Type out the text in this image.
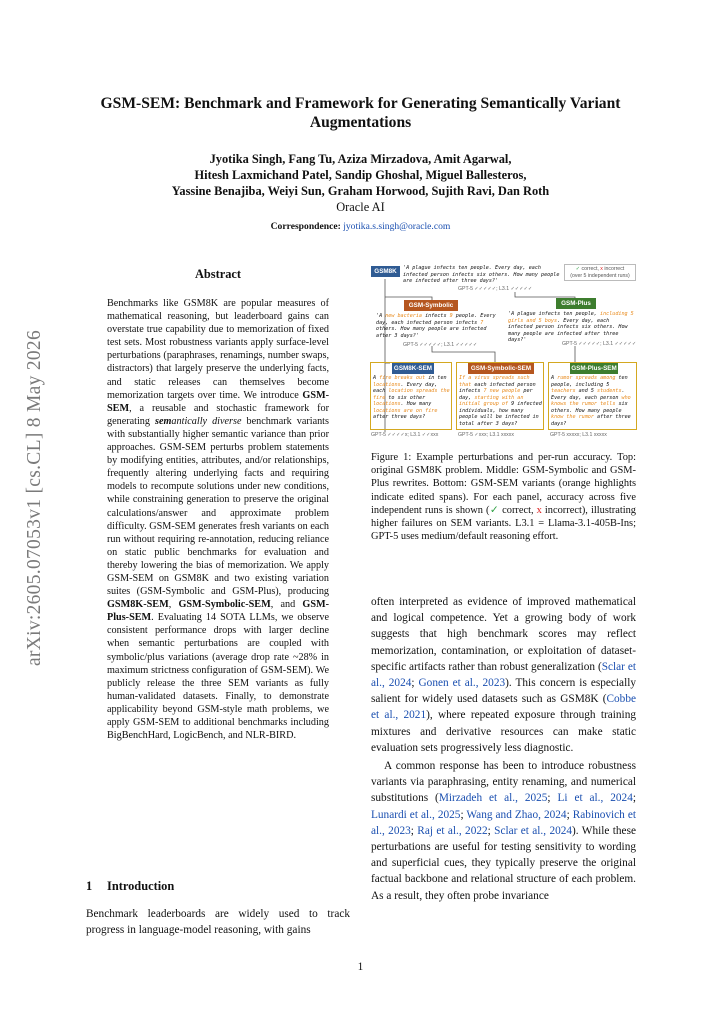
arXiv:2605.07053v1 [cs.CL] 8 May 2026
GSM-SEM: Benchmark and Framework for Generating Semantically Variant Augmentations
Jyotika Singh, Fang Tu, Aziza Mirzadova, Amit Agarwal,
Hitesh Laxmichand Patel, Sandip Ghoshal, Miguel Ballesteros,
Yassine Benajiba, Weiyi Sun, Graham Horwood, Sujith Ravi, Dan Roth
Oracle AI
Correspondence: jyotika.s.singh@oracle.com
Abstract
Benchmarks like GSM8K are popular measures of mathematical reasoning, but leaderboard gains can overstate true capability due to memorization of fixed test sets. Most robustness variants apply surface-level perturbations (paraphrases, renamings, number swaps, distractors) that largely preserve the underlying facts, and static releases can themselves become memorization targets over time. We introduce GSM-SEM, a reusable and stochastic framework for generating semantically diverse benchmark variants with substantially higher semantic variance than prior approaches. GSM-SEM perturbs problem statements by modifying entities, attributes, and/or relationships, frequently altering underlying facts and requiring models to recompute solutions under new conditions, while constraining generation to preserve the original calculations/answer and approximate problem difficulty. GSM-SEM generates fresh variants on each run without requiring re-annotation, reducing reliance on static public benchmarks for evaluation and thereby lowering the bias of memorization. We apply GSM-SEM on GSM8K and two existing variation suites (GSM-Symbolic and GSM-Plus), producing GSM8K-SEM, GSM-Symbolic-SEM, and GSM-Plus-SEM. Evaluating 14 SOTA LLMs, we observe consistent performance drops with larger decline when semantic perturbations are coupled with symbolic/plus variations (average drop rate ~28% in maximum strictness configuration of GSM-SEM). We publicly release the three SEM variants as fully human-validated datasets. Finally, to demonstrate applicability beyond GSM-style math problems, we apply GSM-SEM to additional benchmarks including BigBenchHard, LogicBench, and NLR-BIRD.
1 Introduction
Benchmark leaderboards are widely used to track progress in language-model reasoning, with gains
GSM8K	'A plague infects ten people. Every day, each infected person infects six others. How many people are infected after three days?'
GPT-5 ✓✓✓✓✓; L3.1 ✓✓✓✓✓
✓ correct, x incorrect
(over 5 independent runs)
GSM-Symbolic
'A new bacteria infects 9 people. Every day, each infected person infects 7 others. How many people are infected after 3 days?'
GPT-5 ✓✓✓✓✓; L3.1 ✓✓✓✓✓
GSM-Plus
'A plague infects ten people, including 5 girls and 5 boys. Every day, each infected person infects six others. How many people are infected after three days?'
GPT-5 ✓✓✓✓✓; L3.1 ✓✓✓✓✓
GSM8K-SEM
A fire breaks out in ten locations. Every day, each location spreads the fire to six other locations. How many locations are on fire after three days?
GPT-5 ✓✓✓✓x; L3.1 ✓✓xxx
GSM-Symbolic-SEM
If a virus spreads such that each infected person infects 7 new people per day, starting with an initial group of 9 infected individuals, how many people will be infected in total after 3 days?
GPT-5 ✓xxx; L3.1 xxxxx
GSM-Plus-SEM
A rumor spreads among ten people, including 5 teachers and 5 students. Every day, each person who knows the rumor tells six others. How many people know the rumor after three days?
GPT-5 xxxxx; L3.1 xxxxx
Figure 1: Example perturbations and per-run accuracy. Top: original GSM8K problem. Middle: GSM-Symbolic and GSM-Plus rewrites. Bottom: GSM-SEM variants (orange highlights indicate edited spans). For each panel, accuracy across five independent runs is shown (✓ correct, x incorrect), illustrating higher failures on SEM variants. L3.1 = Llama-3.1-405B-Ins; GPT-5 uses medium/default reasoning effort.

often interpreted as evidence of improved mathematical and logical competence. Yet a growing body of work suggests that high benchmark scores may reflect memorization, contamination, or exploitation of dataset-specific artifacts rather than robust generalization (Sclar et al., 2024; Gonen et al., 2023). This concern is especially salient for widely used datasets such as GSM8K (Cobbe et al., 2021), where repeated exposure through training mixtures and derivative resources can make static evaluation sets progressively less diagnostic.

A common response has been to introduce robustness variants via paraphrasing, entity renaming, and numerical substitutions (Mirzadeh et al., 2025; Li et al., 2024; Lunardi et al., 2025; Wang and Zhao, 2024; Rabinovich et al., 2023; Raj et al., 2022; Sclar et al., 2024). While these perturbations are useful for testing sensitivity to wording and superficial cues, they typically preserve the original factual backbone and relational structure of each problem. As a result, they often probe invariance

1
